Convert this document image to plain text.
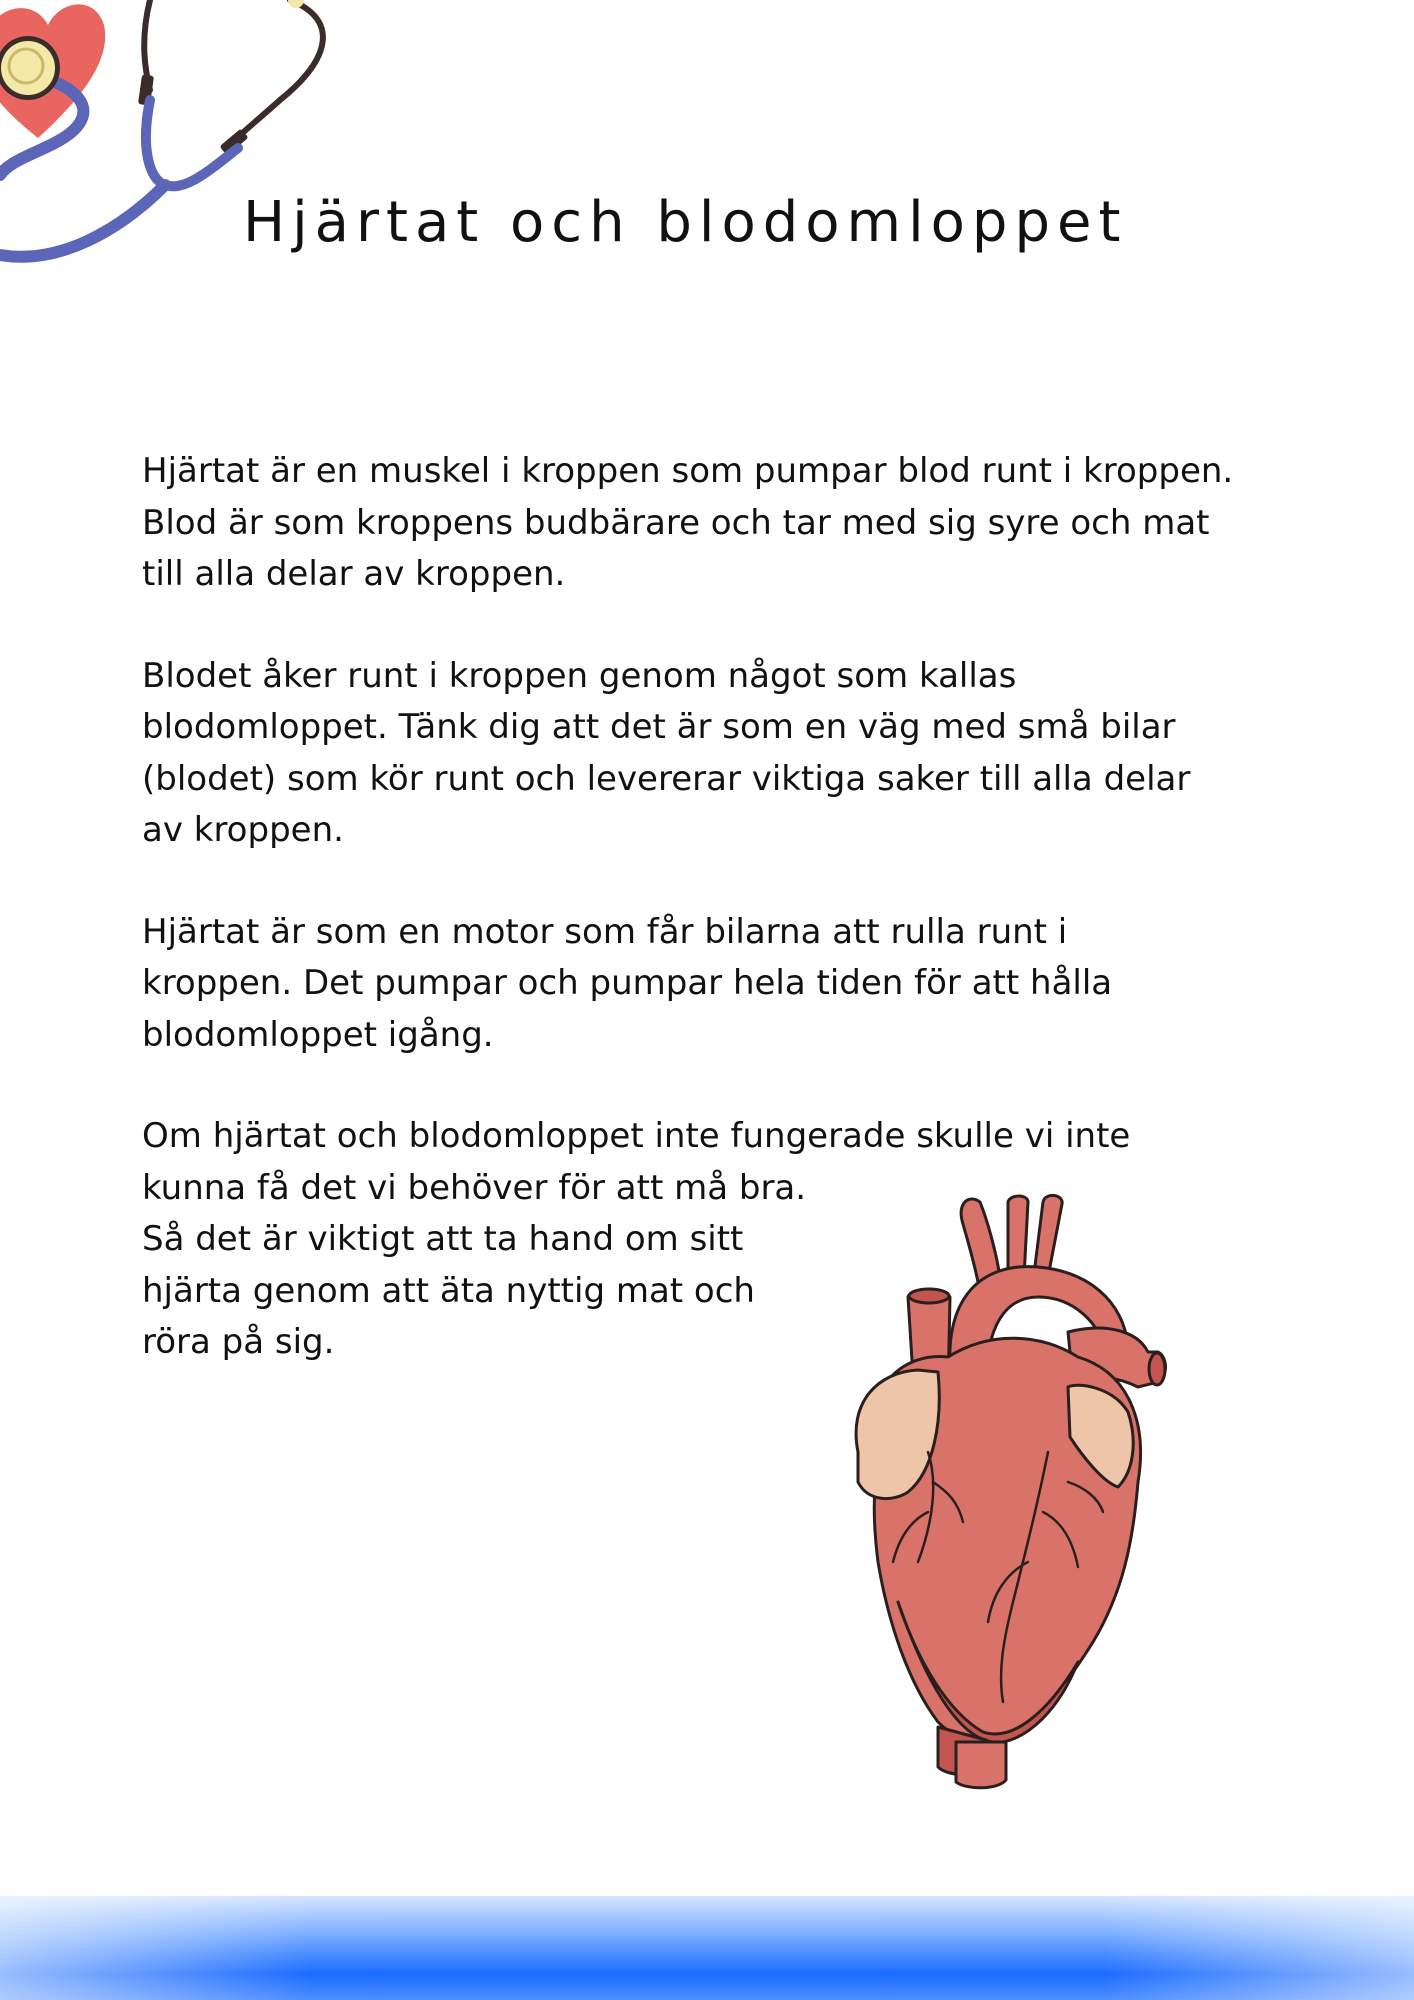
Hjärtat och blodomloppet

Hjärtat är en muskel i kroppen som pumpar blod runt i kroppen.
Blod är som kroppens budbärare och tar med sig syre och mat
till alla delar av kroppen.

Blodet åker runt i kroppen genom något som kallas
blodomloppet. Tänk dig att det är som en väg med små bilar
(blodet) som kör runt och levererar viktiga saker till alla delar
av kroppen.

Hjärtat är som en motor som får bilarna att rulla runt i
kroppen. Det pumpar och pumpar hela tiden för att hålla
blodomloppet igång.

Om hjärtat och blodomloppet inte fungerade skulle vi inte
kunna få det vi behöver för att må bra.
Så det är viktigt att ta hand om sitt
hjärta genom att äta nyttig mat och
röra på sig.
